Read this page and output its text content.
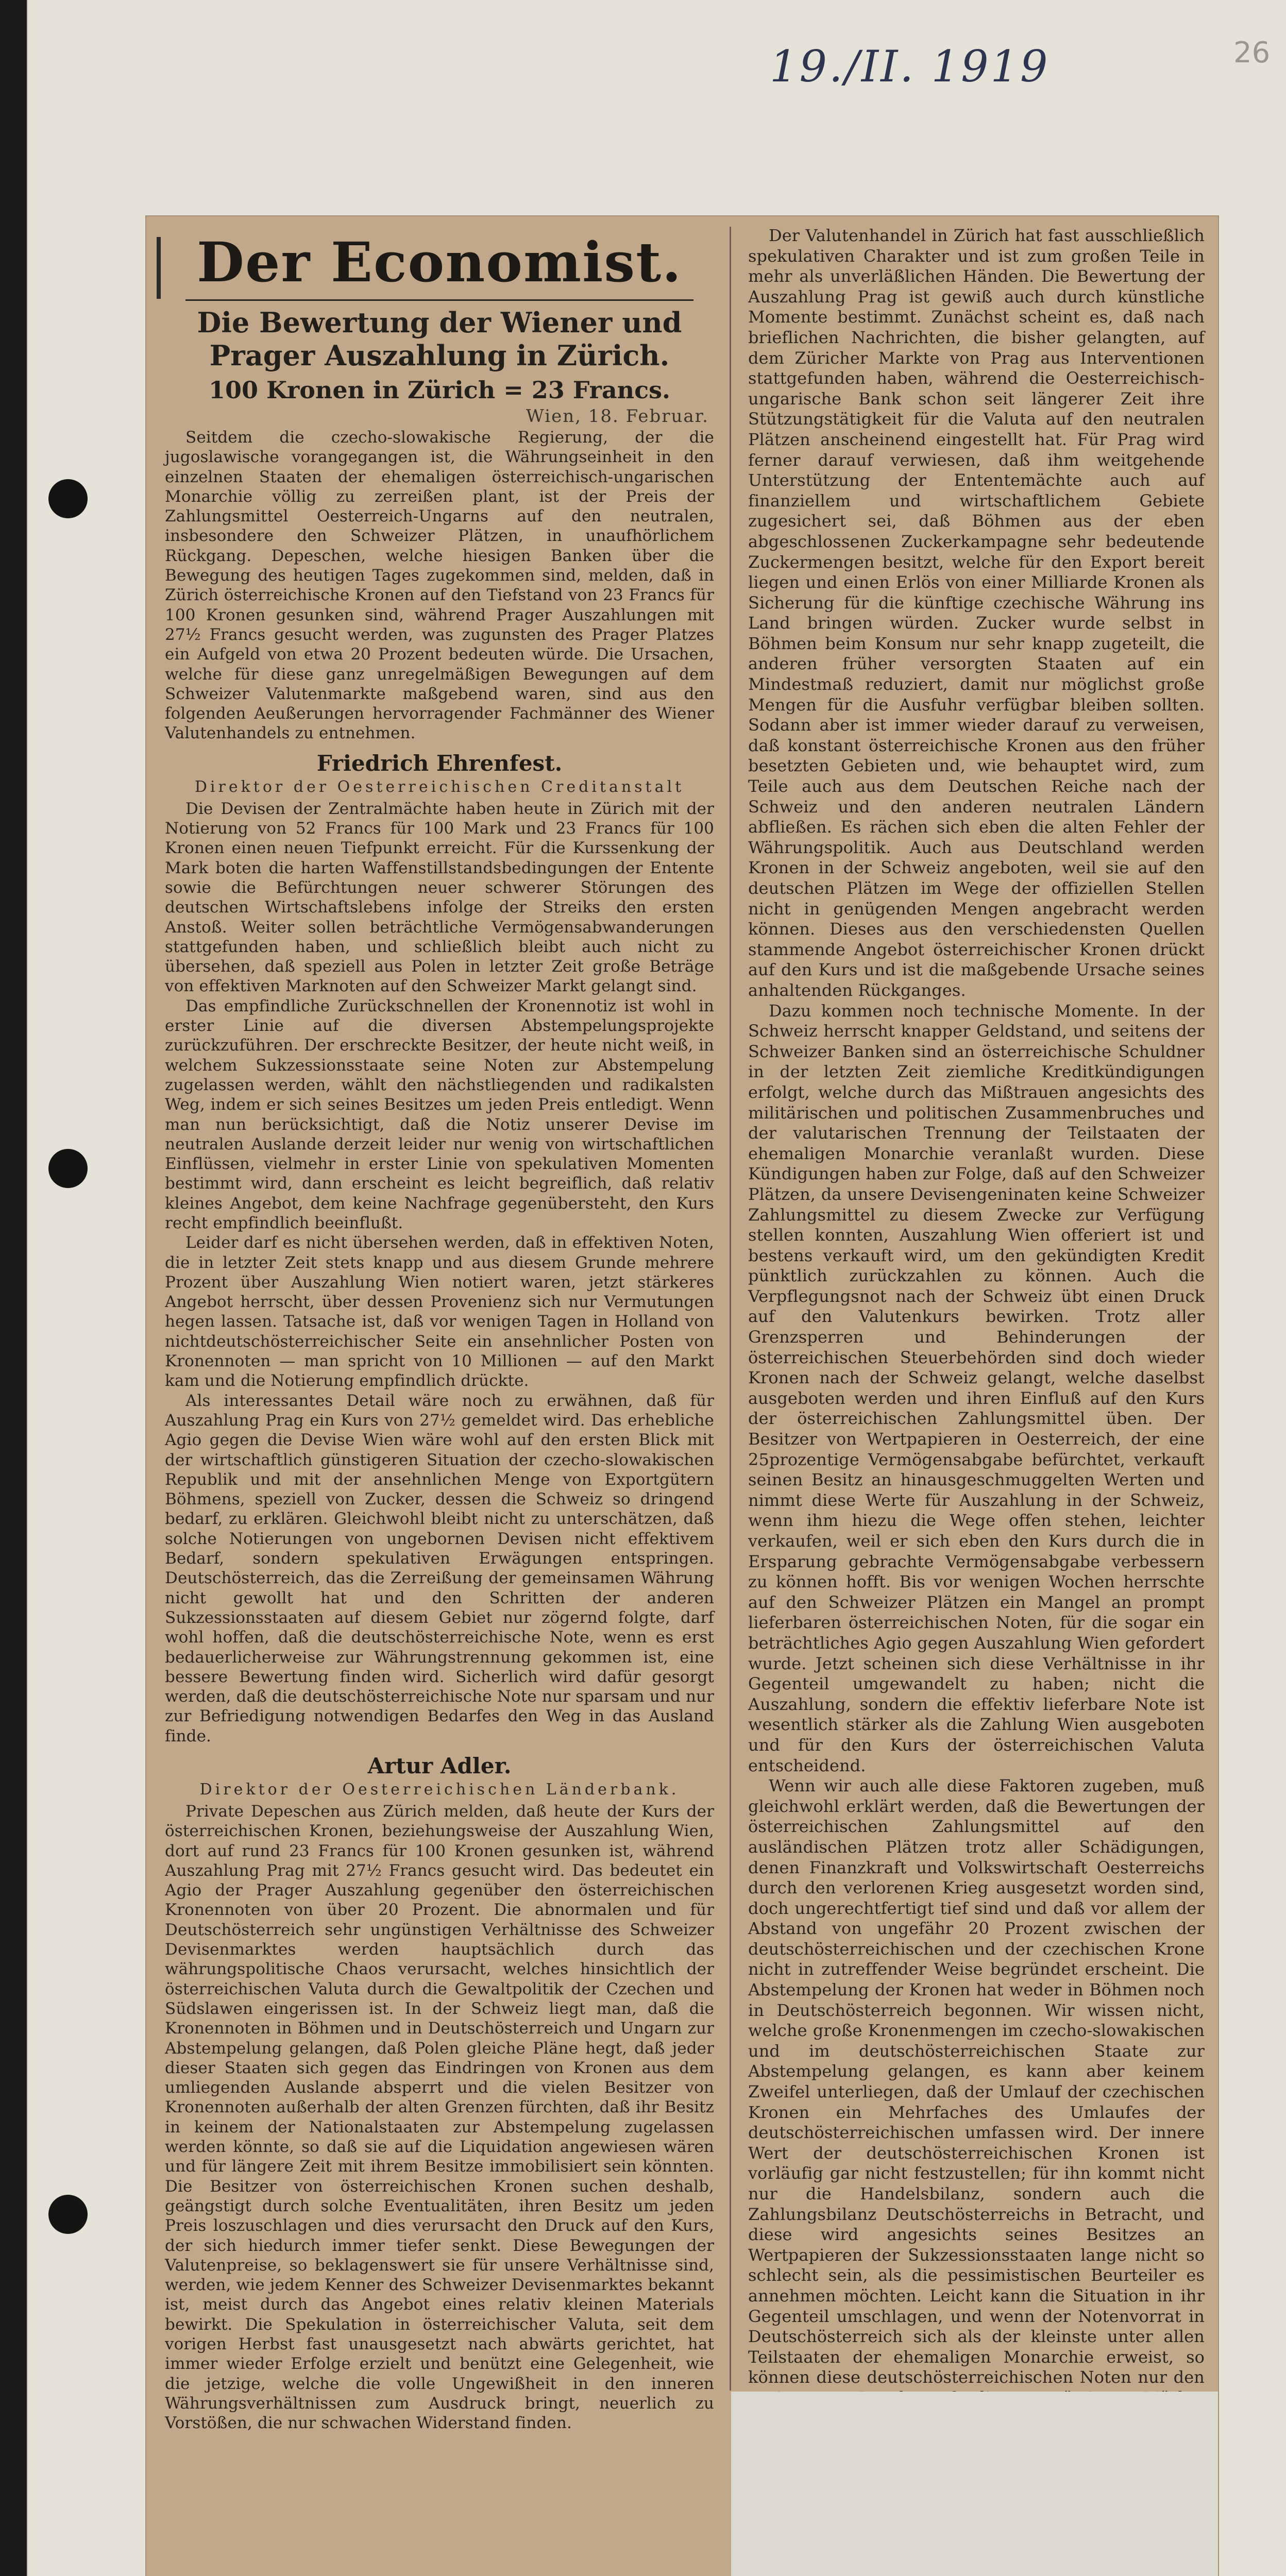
19./II. 1919	26
Der Economist.
Die Bewertung der Wiener und Prager Auszahlung in Zürich.
100 Kronen in Zürich = 23 Francs.
Wien, 18. Februar.

Seitdem die czecho-slowakische Regierung, der die jugoslawische vorangegangen ist, die Währungseinheit in den einzelnen Staaten der ehemaligen österreichisch-ungarischen Monarchie völlig zu zerreißen plant, ist der Preis der Zahlungsmittel Oesterreich-Ungarns auf den neutralen, insbesondere den Schweizer Plätzen, in unaufhörlichem Rückgang. Depeschen, welche hiesigen Banken über die Bewegung des heutigen Tages zugekommen sind, melden, daß in Zürich österreichische Kronen auf den Tiefstand von 23 Francs für 100 Kronen gesunken sind, während Prager Auszahlungen mit 27½ Francs gesucht werden, was zugunsten des Prager Platzes ein Aufgeld von etwa 20 Prozent bedeuten würde. Die Ursachen, welche für diese ganz unregelmäßigen Bewegungen auf dem Schweizer Valutenmarkte maßgebend waren, sind aus den folgenden Aeußerungen hervorragender Fachmänner des Wiener Valutenhandels zu entnehmen.

Friedrich Ehrenfest.
Direktor der Oesterreichischen Creditanstalt

Die Devisen der Zentralmächte haben heute in Zürich mit der Notierung von 52 Francs für 100 Mark und 23 Francs für 100 Kronen einen neuen Tiefpunkt erreicht. Für die Kurssenkung der Mark boten die harten Waffenstillstandsbedingungen der Entente sowie die Befürchtungen neuer schwerer Störungen des deutschen Wirtschaftslebens infolge der Streiks den ersten Anstoß. Weiter sollen beträchtliche Vermögensabwanderungen stattgefunden haben, und schließlich bleibt auch nicht zu übersehen, daß speziell aus Polen in letzter Zeit große Beträge von effektiven Marknoten auf den Schweizer Markt gelangt sind.

Das empfindliche Zurückschnellen der Kronennotiz ist wohl in erster Linie auf die diversen Abstempelungsprojekte zurückzuführen. Der erschreckte Besitzer, der heute nicht weiß, in welchem Sukzessionsstaate seine Noten zur Abstempelung zugelassen werden, wählt den nächstliegenden und radikalsten Weg, indem er sich seines Besitzes um jeden Preis entledigt. Wenn man nun berücksichtigt, daß die Notiz unserer Devise im neutralen Auslande derzeit leider nur wenig von wirtschaftlichen Einflüssen, vielmehr in erster Linie von spekulativen Momenten bestimmt wird, dann erscheint es leicht begreiflich, daß relativ kleines Angebot, dem keine Nachfrage gegenübersteht, den Kurs recht empfindlich beeinflußt.

Leider darf es nicht übersehen werden, daß in effektiven Noten, die in letzter Zeit stets knapp und aus diesem Grunde mehrere Prozent über Auszahlung Wien notiert waren, jetzt stärkeres Angebot herrscht, über dessen Provenienz sich nur Vermutungen hegen lassen. Tatsache ist, daß vor wenigen Tagen in Holland von nichtdeutschösterreichischer Seite ein ansehnlicher Posten von Kronennoten — man spricht von 10 Millionen — auf den Markt kam und die Notierung empfindlich drückte.

Als interessantes Detail wäre noch zu erwähnen, daß für Auszahlung Prag ein Kurs von 27½ gemeldet wird. Das erhebliche Agio gegen die Devise Wien wäre wohl auf den ersten Blick mit der wirtschaftlich günstigeren Situation der czecho-slowakischen Republik und mit der ansehnlichen Menge von Exportgütern Böhmens, speziell von Zucker, dessen die Schweiz so dringend bedarf, zu erklären. Gleichwohl bleibt nicht zu unterschätzen, daß solche Notierungen von ungebornen Devisen nicht effektivem Bedarf, sondern spekulativen Erwägungen entspringen. Deutschösterreich, das die Zerreißung der gemeinsamen Währung nicht gewollt hat und den Schritten der anderen Sukzessionsstaaten auf diesem Gebiet nur zögernd folgte, darf wohl hoffen, daß die deutschösterreichische Note, wenn es erst bedauerlicherweise zur Währungstrennung gekommen ist, eine bessere Bewertung finden wird. Sicherlich wird dafür gesorgt werden, daß die deutschösterreichische Note nur sparsam und nur zur Befriedigung notwendigen Bedarfes den Weg in das Ausland finde.

Artur Adler.
Direktor der Oesterreichischen Länderbank.

Private Depeschen aus Zürich melden, daß heute der Kurs der österreichischen Kronen, beziehungsweise der Auszahlung Wien, dort auf rund 23 Francs für 100 Kronen gesunken ist, während Auszahlung Prag mit 27½ Francs gesucht wird. Das bedeutet ein Agio der Prager Auszahlung gegenüber den österreichischen Kronennoten von über 20 Prozent. Die abnormalen und für Deutschösterreich sehr ungünstigen Verhältnisse des Schweizer Devisenmarktes werden hauptsächlich durch das währungspolitische Chaos verursacht, welches hinsichtlich der österreichischen Valuta durch die Gewaltpolitik der Czechen und Südslawen eingerissen ist. In der Schweiz liegt man, daß die Kronennoten in Böhmen und in Deutschösterreich und Ungarn zur Abstempelung gelangen, daß Polen gleiche Pläne hegt, daß jeder dieser Staaten sich gegen das Eindringen von Kronen aus dem umliegenden Auslande absperrt und die vielen Besitzer von Kronennoten außerhalb der alten Grenzen fürchten, daß ihr Besitz in keinem der Nationalstaaten zur Abstempelung zugelassen werden könnte, so daß sie auf die Liquidation angewiesen wären und für längere Zeit mit ihrem Besitze immobilisiert sein könnten. Die Besitzer von österreichischen Kronen suchen deshalb, geängstigt durch solche Eventualitäten, ihren Besitz um jeden Preis loszuschlagen und dies verursacht den Druck auf den Kurs, der sich hiedurch immer tiefer senkt. Diese Bewegungen der Valutenpreise, so beklagenswert sie für unsere Verhältnisse sind, werden, wie jedem Kenner des Schweizer Devisenmarktes bekannt ist, meist durch das Angebot eines relativ kleinen Materials bewirkt. Die Spekulation in österreichischer Valuta, seit dem vorigen Herbst fast unausgesetzt nach abwärts gerichtet, hat immer wieder Erfolge erzielt und benützt eine Gelegenheit, wie die jetzige, welche die volle Ungewißheit in den inneren Währungsverhältnissen zum Ausdruck bringt, neuerlich zu Vorstößen, die nur schwachen Widerstand finden.

Der Valutenhandel in Zürich hat fast ausschließlich spekulativen Charakter und ist zum großen Teile in mehr als unverläßlichen Händen. Die Bewertung der Auszahlung Prag ist gewiß auch durch künstliche Momente bestimmt. Zunächst scheint es, daß nach brieflichen Nachrichten, die bisher gelangten, auf dem Züricher Markte von Prag aus Interventionen stattgefunden haben, während die Oesterreichisch-ungarische Bank schon seit längerer Zeit ihre Stützungstätigkeit für die Valuta auf den neutralen Plätzen anscheinend eingestellt hat. Für Prag wird ferner darauf verwiesen, daß ihm weitgehende Unterstützung der Ententemächte auch auf finanziellem und wirtschaftlichem Gebiete zugesichert sei, daß Böhmen aus der eben abgeschlossenen Zuckerkampagne sehr bedeutende Zuckermengen besitzt, welche für den Export bereit liegen und einen Erlös von einer Milliarde Kronen als Sicherung für die künftige czechische Währung ins Land bringen würden. Zucker wurde selbst in Böhmen beim Konsum nur sehr knapp zugeteilt, die anderen früher versorgten Staaten auf ein Mindestmaß reduziert, damit nur möglichst große Mengen für die Ausfuhr verfügbar bleiben sollten. Sodann aber ist immer wieder darauf zu verweisen, daß konstant österreichische Kronen aus den früher besetzten Gebieten und, wie behauptet wird, zum Teile auch aus dem Deutschen Reiche nach der Schweiz und den anderen neutralen Ländern abfließen. Es rächen sich eben die alten Fehler der Währungspolitik. Auch aus Deutschland werden Kronen in der Schweiz angeboten, weil sie auf den deutschen Plätzen im Wege der offiziellen Stellen nicht in genügenden Mengen angebracht werden können. Dieses aus den verschiedensten Quellen stammende Angebot österreichischer Kronen drückt auf den Kurs und ist die maßgebende Ursache seines anhaltenden Rückganges.

Dazu kommen noch technische Momente. In der Schweiz herrscht knapper Geldstand, und seitens der Schweizer Banken sind an österreichische Schuldner in der letzten Zeit ziemliche Kreditkündigungen erfolgt, welche durch das Mißtrauen angesichts des militärischen und politischen Zusammenbruches und der valutarischen Trennung der Teilstaaten der ehemaligen Monarchie veranlaßt wurden. Diese Kündigungen haben zur Folge, daß auf den Schweizer Plätzen, da unsere Devisengeninaten keine Schweizer Zahlungsmittel zu diesem Zwecke zur Verfügung stellen konnten, Auszahlung Wien offeriert ist und bestens verkauft wird, um den gekündigten Kredit pünktlich zurückzahlen zu können. Auch die Verpflegungsnot nach der Schweiz übt einen Druck auf den Valutenkurs bewirken. Trotz aller Grenzsperren und Behinderungen der österreichischen Steuerbehörden sind doch wieder Kronen nach der Schweiz gelangt, welche daselbst ausgeboten werden und ihren Einfluß auf den Kurs der österreichischen Zahlungsmittel üben. Der Besitzer von Wertpapieren in Oesterreich, der eine 25prozentige Vermögensabgabe befürchtet, verkauft seinen Besitz an hinausgeschmuggelten Werten und nimmt diese Werte für Auszahlung in der Schweiz, wenn ihm hiezu die Wege offen stehen, leichter verkaufen, weil er sich eben den Kurs durch die in Ersparung gebrachte Vermögensabgabe verbessern zu können hofft. Bis vor wenigen Wochen herrschte auf den Schweizer Plätzen ein Mangel an prompt lieferbaren österreichischen Noten, für die sogar ein beträchtliches Agio gegen Auszahlung Wien gefordert wurde. Jetzt scheinen sich diese Verhältnisse in ihr Gegenteil umgewandelt zu haben; nicht die Auszahlung, sondern die effektiv lieferbare Note ist wesentlich stärker als die Zahlung Wien ausgeboten und für den Kurs der österreichischen Valuta entscheidend.

Wenn wir auch alle diese Faktoren zugeben, muß gleichwohl erklärt werden, daß die Bewertungen der österreichischen Zahlungsmittel auf den ausländischen Plätzen trotz aller Schädigungen, denen Finanzkraft und Volkswirtschaft Oesterreichs durch den verlorenen Krieg ausgesetzt worden sind, doch ungerechtfertigt tief sind und daß vor allem der Abstand von ungefähr 20 Prozent zwischen der deutschösterreichischen und der czechischen Krone nicht in zutreffender Weise begründet erscheint. Die Abstempelung der Kronen hat weder in Böhmen noch in Deutschösterreich begonnen. Wir wissen nicht, welche große Kronenmengen im czecho-slowakischen und im deutschösterreichischen Staate zur Abstempelung gelangen, es kann aber keinem Zweifel unterliegen, daß der Umlauf der czechischen Kronen ein Mehrfaches des Umlaufes der deutschösterreichischen umfassen wird. Der innere Wert der deutschösterreichischen Kronen ist vorläufig gar nicht festzustellen; für ihn kommt nicht nur die Handelsbilanz, sondern auch die Zahlungsbilanz Deutschösterreichs in Betracht, und diese wird angesichts seines Besitzes an Wertpapieren der Sukzessionsstaaten lange nicht so schlecht sein, als die pessimistischen Beurteiler es annehmen möchten. Leicht kann die Situation in ihr Gegenteil umschlagen, und wenn der Notenvorrat in Deutschösterreich sich als der kleinste unter allen Teilstaaten der ehemaligen Monarchie erweist, so können diese deutschösterreichischen Noten nur den
